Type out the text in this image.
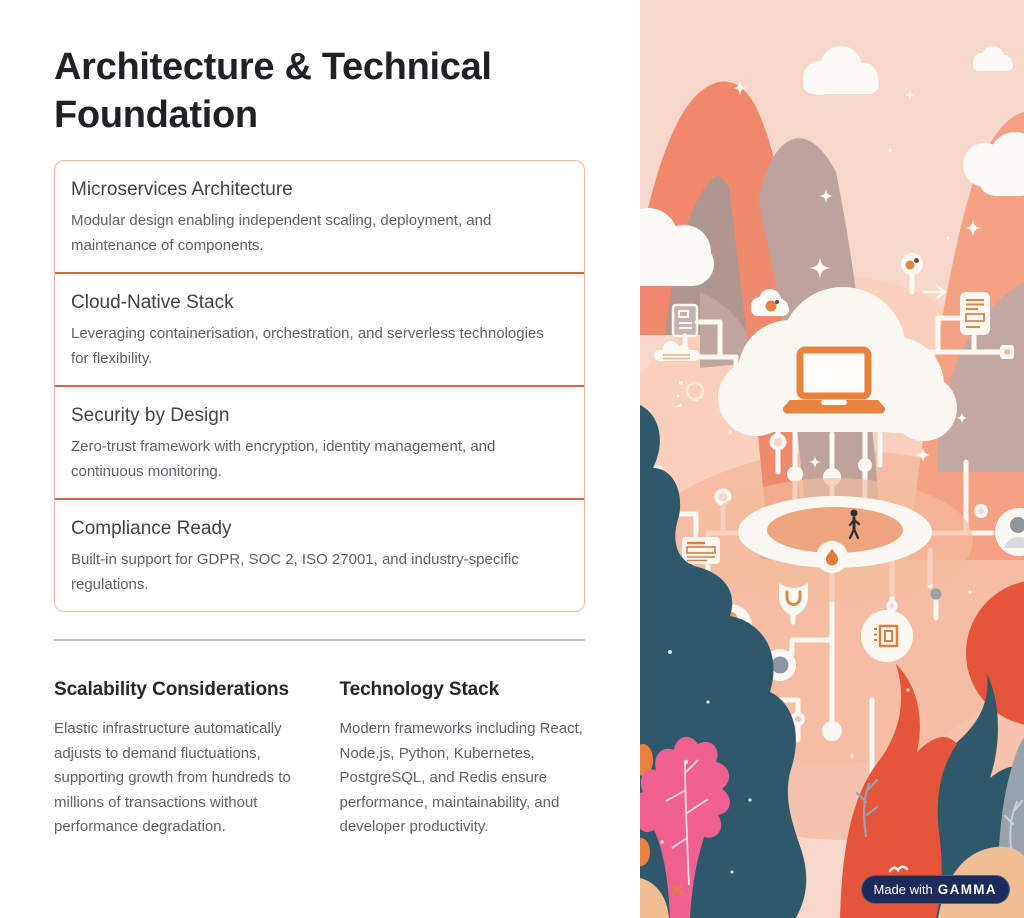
Architecture & Technical Foundation
Microservices Architecture
Modular design enabling independent scaling, deployment, and maintenance of components.
Cloud-Native Stack
Leveraging containerisation, orchestration, and serverless technologies for flexibility.
Security by Design
Zero-trust framework with encryption, identity management, and continuous monitoring.
Compliance Ready
Built-in support for GDPR, SOC 2, ISO 27001, and industry-specific regulations.
Scalability Considerations
Elastic infrastructure automatically adjusts to demand fluctuations, supporting growth from hundreds to millions of transactions without performance degradation.
Technology Stack
Modern frameworks including React, Node.js, Python, Kubernetes, PostgreSQL, and Redis ensure performance, maintainability, and developer productivity.
Made with GAMMA
